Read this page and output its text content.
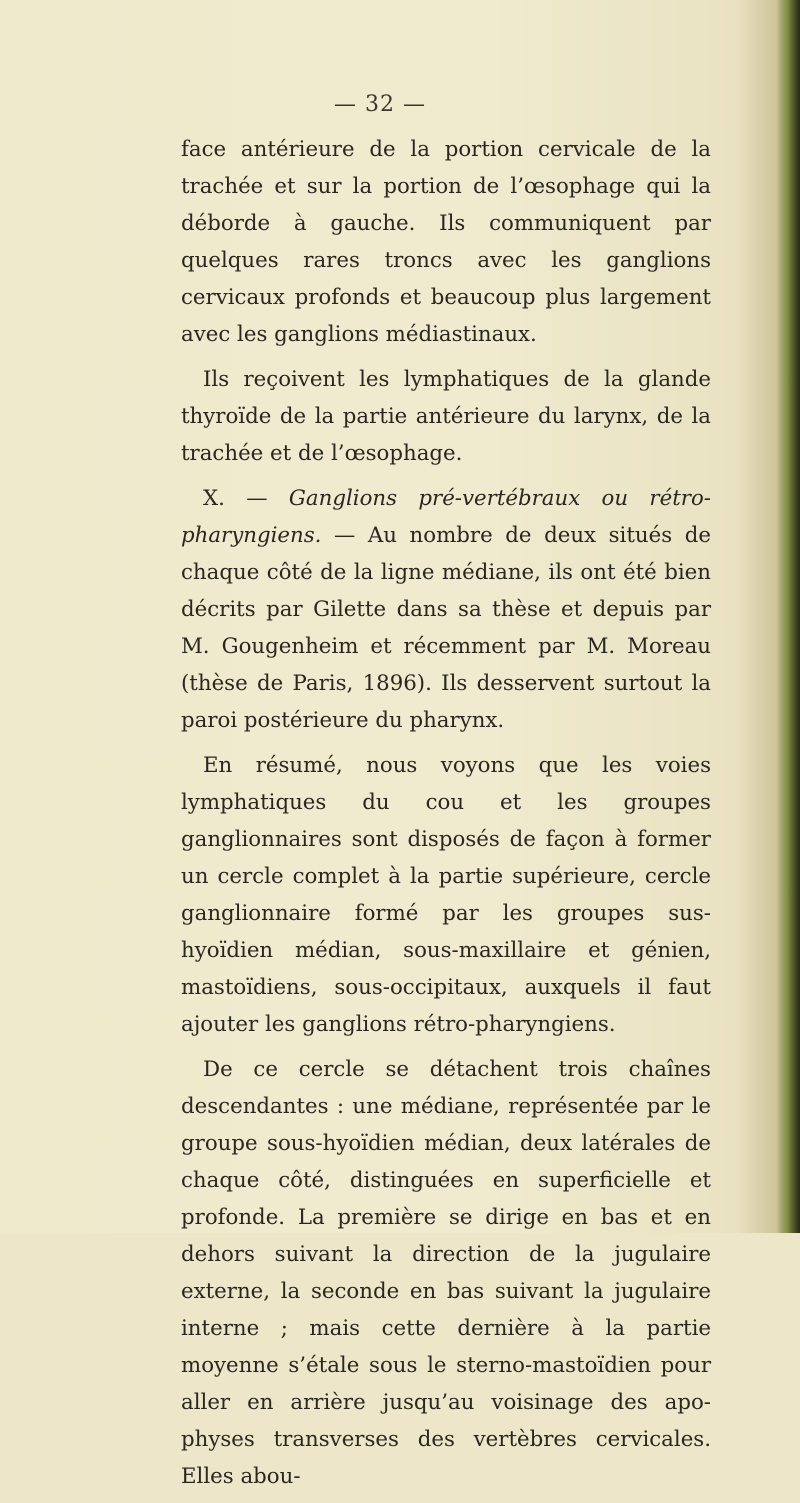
— 32 —

face antérieure de la portion cervicale de la trachée et sur la portion de l’œsophage qui la déborde à gauche. Ils communiquent par quelques rares troncs avec les ganglions cervicaux profonds et beaucoup plus largement avec les ganglions médiastinaux.

Ils reçoivent les lymphatiques de la glande thyroïde de la partie antérieure du larynx, de la trachée et de l’œsophage.

X. — Ganglions pré-vertébraux ou rétro-pharyngiens. — Au nombre de deux situés de chaque côté de la ligne médiane, ils ont été bien décrits par Gilette dans sa thèse et depuis par M. Gougenheim et récemment par M. Moreau (thèse de Paris, 1896). Ils desservent surtout la paroi postérieure du pharynx.

En résumé, nous voyons que les voies lymphatiques du cou et les groupes ganglionnaires sont disposés de façon à former un cercle complet à la partie supérieure, cercle ganglionnaire formé par les groupes sus-hyoïdien médian, sous-maxillaire et génien, mastoïdiens, sous-occipitaux, auxquels il faut ajouter les ganglions rétro-pharyngiens.

De ce cercle se détachent trois chaînes descendantes : une médiane, représentée par le groupe sous-hyoïdien médian, deux latérales de chaque côté, distinguées en superficielle et profonde. La première se dirige en bas et en dehors suivant la direction de la jugulaire externe, la seconde en bas suivant la jugulaire interne ; mais cette dernière à la partie moyenne s’étale sous le sterno-mastoïdien pour aller en arrière jusqu’au voisinage des apophyses transverses des vertèbres cervicales. Elles abou-
